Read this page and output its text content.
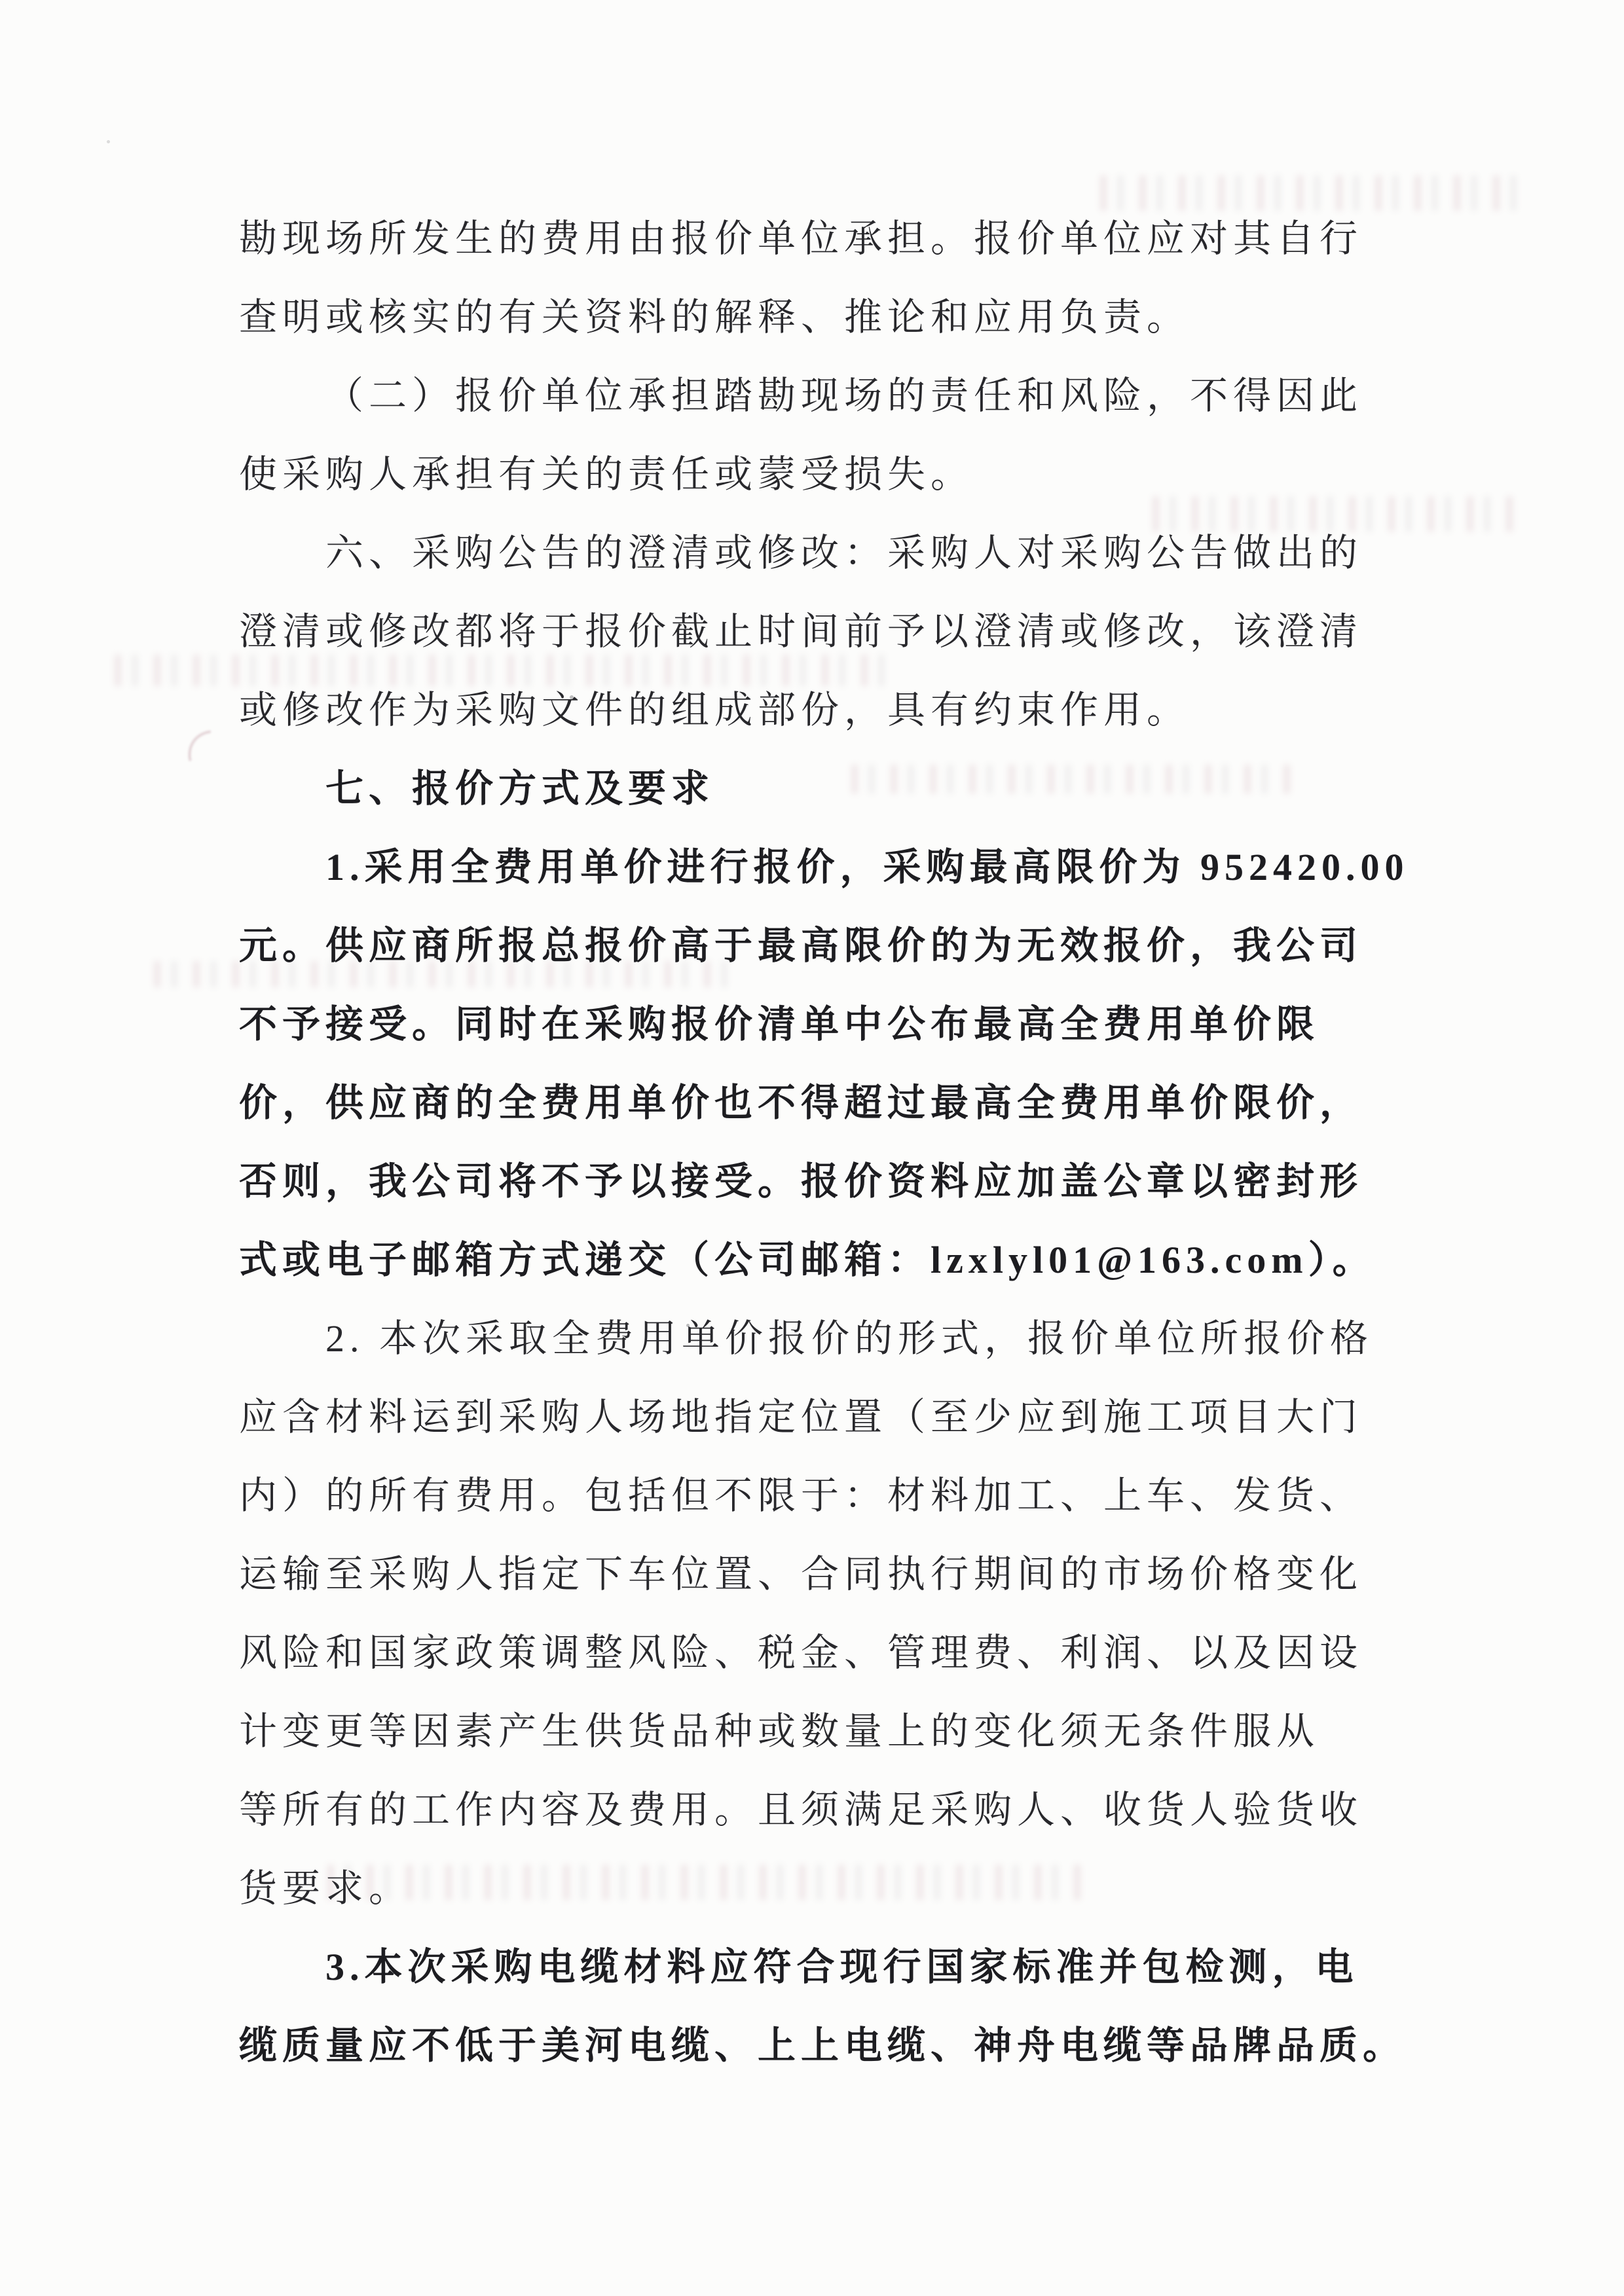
勘现场所发生的费用由报价单位承担。报价单位应对其自行
查明或核实的有关资料的解释、推论和应用负责。
（二）报价单位承担踏勘现场的责任和风险，不得因此
使采购人承担有关的责任或蒙受损失。
六、采购公告的澄清或修改：采购人对采购公告做出的
澄清或修改都将于报价截止时间前予以澄清或修改，该澄清
或修改作为采购文件的组成部份，具有约束作用。
七、报价方式及要求
1.采用全费用单价进行报价，采购最高限价为 952420.00
元。供应商所报总报价高于最高限价的为无效报价，我公司
不予接受。同时在采购报价清单中公布最高全费用单价限
价，供应商的全费用单价也不得超过最高全费用单价限价，
否则，我公司将不予以接受。报价资料应加盖公章以密封形
式或电子邮箱方式递交（公司邮箱：lzxlyl01@163.com）。
2. 本次采取全费用单价报价的形式，报价单位所报价格
应含材料运到采购人场地指定位置（至少应到施工项目大门
内）的所有费用。包括但不限于：材料加工、上车、发货、
运输至采购人指定下车位置、合同执行期间的市场价格变化
风险和国家政策调整风险、税金、管理费、利润、以及因设
计变更等因素产生供货品种或数量上的变化须无条件服从
等所有的工作内容及费用。且须满足采购人、收货人验货收
货要求。
3.本次采购电缆材料应符合现行国家标准并包检测，电
缆质量应不低于美河电缆、上上电缆、神舟电缆等品牌品质。
